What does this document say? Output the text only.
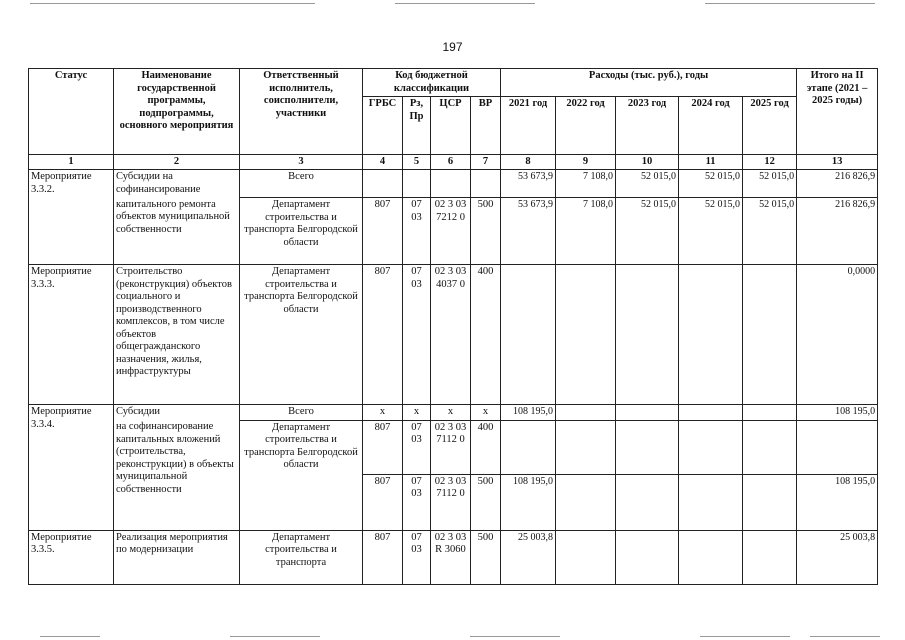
197
Статус	Наименование государственной программы, подпрограммы, основного мероприятия	Ответственный исполнитель, соисполнители, участники	Код бюджетной классификации				Расходы (тыс. руб.), годы					Итого на II этапе (2021 – 2025 годы)
			ГРБС	Рз, Пр	ЦСР	ВР	2021 год	2022 год	2023 год	2024 год	2025 год	
1	2	3	4	5	6	7	8	9	10	11	12	13
Мероприятие 3.3.2.	Субсидии на софинансирование	Всего					53 673,9	7 108,0	52 015,0	52 015,0	52 015,0	216 826,9
	капитального ремонта объектов муниципальной собственности	Департамент строительства и транспорта Белгородской области	807	07 03	02 3 03 7212 0	500	53 673,9	7 108,0	52 015,0	52 015,0	52 015,0	216 826,9
Мероприятие 3.3.3.	Строительство (реконструкция) объектов социального и производственного комплексов, в том числе объектов общегражданского назначения, жилья, инфраструктуры	Департамент строительства и транспорта Белгородской области	807	07 03	02 3 03 4037 0	400						0,0000
Мероприятие 3.3.4.	Субсидии	Всего	х	х	х	х	108 195,0					108 195,0
	на софинансирование капитальных вложений (строительства, реконструкции) в объекты муниципальной собственности	Департамент строительства и транспорта Белгородской области	807	07 03	02 3 03 7112 0	400						
			807	07 03	02 3 03 7112 0	500	108 195,0					108 195,0
Мероприятие 3.3.5.	Реализация мероприятия по модернизации	Департамент строительства и транспорта	807	07 03	02 3 03 R 3060	500	25 003,8					25 003,8
